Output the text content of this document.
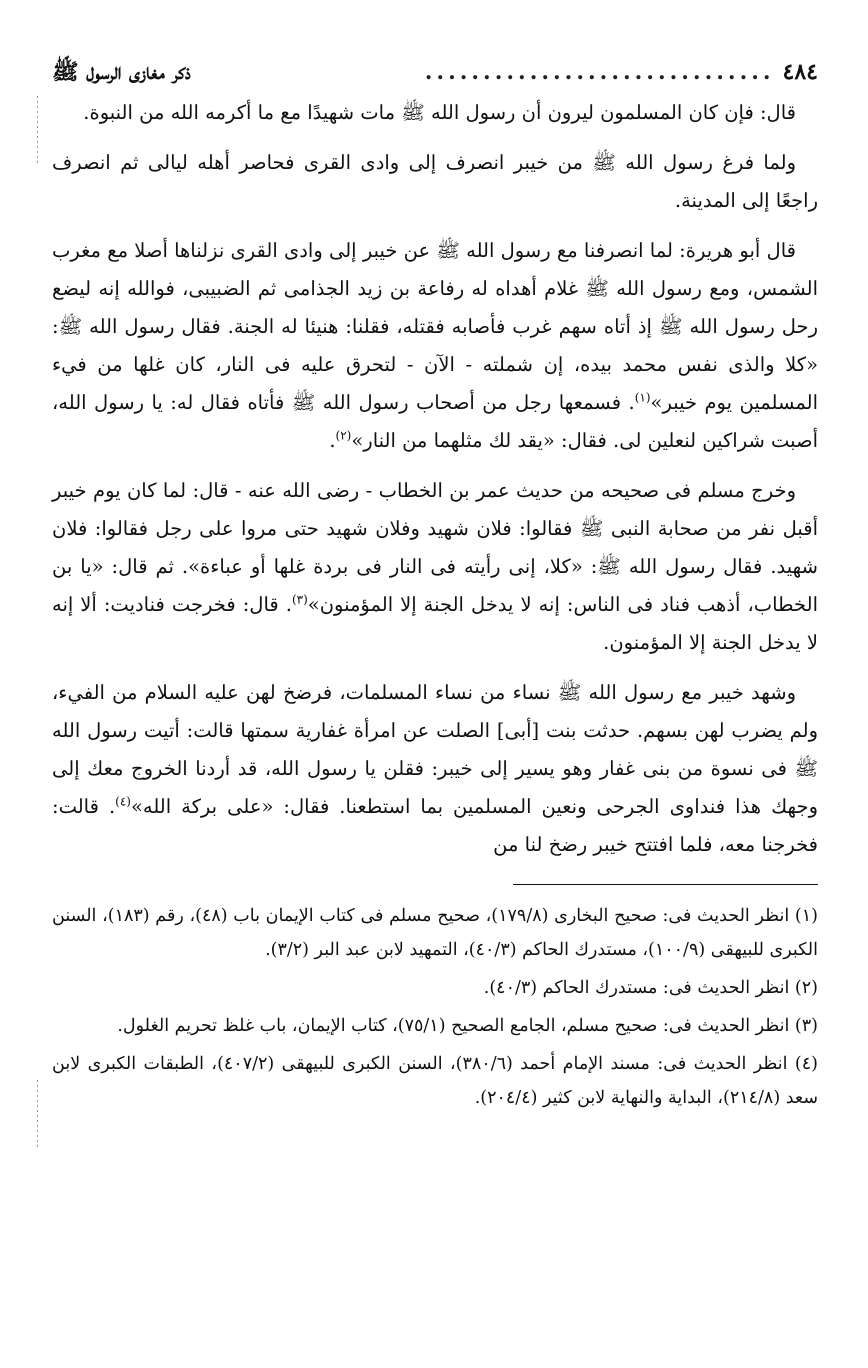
٤٨٤
..............................
ذكر مغازى الرسول ﷺ

قال: فإن كان المسلمون ليرون أن رسول الله ﷺ مات شهيدًا مع ما أكرمه الله من النبوة.

ولما فرغ رسول الله ﷺ من خيبر انصرف إلى وادى القرى فحاصر أهله ليالى ثم انصرف راجعًا إلى المدينة.

قال أبو هريرة: لما انصرفنا مع رسول الله ﷺ عن خيبر إلى وادى القرى نزلناها أصلا مع مغرب الشمس، ومع رسول الله ﷺ غلام أهداه له رفاعة بن زيد الجذامى ثم الضبيبى، فوالله إنه ليضع رحل رسول الله ﷺ إذ أتاه سهم غرب فأصابه فقتله، فقلنا: هنيئا له الجنة. فقال رسول الله ﷺ: «كلا والذى نفس محمد بيده، إن شملته - الآن - لتحرق عليه فى النار، كان غلها من فيء المسلمين يوم خيبر»$^{(١)}$. فسمعها رجل من أصحاب رسول الله ﷺ فأتاه فقال له: يا رسول الله، أصبت شراكين لنعلين لى. فقال: «يقد لك مثلهما من النار»$^{(٢)}$.

وخرج مسلم فى صحيحه من حديث عمر بن الخطاب - رضى الله عنه - قال: لما كان يوم خيبر أقبل نفر من صحابة النبى ﷺ فقالوا: فلان شهيد وفلان شهيد حتى مروا على رجل فقالوا: فلان شهيد. فقال رسول الله ﷺ: «كلا، إنى رأيته فى النار فى بردة غلها أو عباءة». ثم قال: «يا بن الخطاب، أذهب فناد فى الناس: إنه لا يدخل الجنة إلا المؤمنون»$^{(٣)}$. قال: فخرجت فناديت: ألا إنه لا يدخل الجنة إلا المؤمنون.

وشهد خيبر مع رسول الله ﷺ نساء من نساء المسلمات، فرضخ لهن عليه السلام من الفيء، ولم يضرب لهن بسهم. حدثت بنت [أبى] الصلت عن امرأة غفارية سمتها قالت: أتيت رسول الله ﷺ فى نسوة من بنى غفار وهو يسير إلى خيبر: فقلن يا رسول الله، قد أردنا الخروج معك إلى وجهك هذا فنداوى الجرحى ونعين المسلمين بما استطعنا. فقال: «على بركة الله»$^{(٤)}$. قالت: فخرجنا معه، فلما افتتح خيبر رضخ لنا من

(١) انظر الحديث فى: صحيح البخارى (١٧٩/٨)، صحيح مسلم فى كتاب الإيمان باب (٤٨)، رقم (١٨٣)، السنن الكبرى للبيهقى (١٠٠/٩)، مستدرك الحاكم (٤٠/٣)، التمهيد لابن عبد البر (٣/٢).

(٢) انظر الحديث فى: مستدرك الحاكم (٤٠/٣).

(٣) انظر الحديث فى: صحيح مسلم، الجامع الصحيح (٧٥/١)، كتاب الإيمان، باب غلظ تحريم الغلول.

(٤) انظر الحديث فى: مسند الإمام أحمد (٣٨٠/٦)، السنن الكبرى للبيهقى (٤٠٧/٢)، الطبقات الكبرى لابن سعد (٢١٤/٨)، البداية والنهاية لابن كثير (٢٠٤/٤).
